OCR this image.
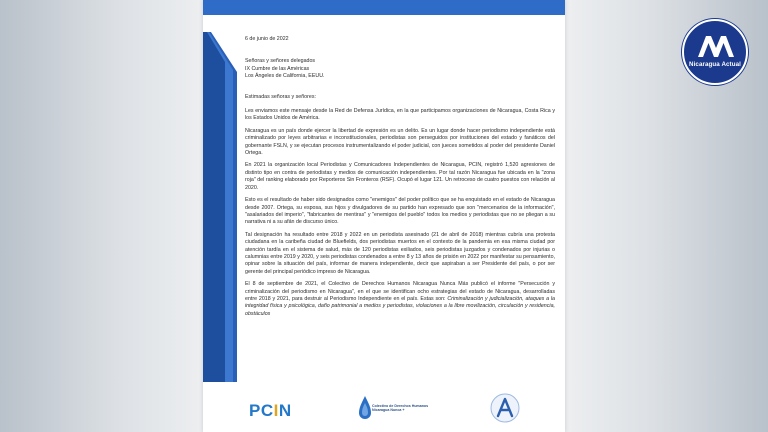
6 de junio de 2022

Señoras y señores delegados
IX Cumbre de las Américas
Los Ángeles de California, EEUU.

Estimadas señoras y señores:

Les enviamos este mensaje desde la Red de Defensa Jurídica, en la que participamos organizaciones de Nicaragua, Costa Rica y los Estados Unidos de América.

Nicaragua es un país donde ejercer la libertad de expresión es un delito. Es un lugar donde hacer periodismo independiente está criminalizado por leyes arbitrarias e inconstitucionales, periodistas son perseguidos por instituciones del estado y fanáticos del gobernante FSLN, y se ejecutan procesos instrumentalizando el poder judicial, con jueces sometidos al poder del presidente Daniel Ortega.

En 2021 la organización local Periodistas y Comunicadores Independientes de Nicaragua, PCIN, registró 1,520 agresiones de distinto tipo en contra de periodistas y medios de comunicación independientes. Por tal razón Nicaragua fue ubicada en la "zona roja" del ranking elaborado por Reporteros Sin Fronteros (RSF). Ocupó el lugar 121. Un retroceso de cuatro puestos con relación al 2020.

Esto es el resultado de haber sido designados como "enemigos" del poder político que se ha enquistado en el estado de Nicaragua desde 2007. Ortega, su esposa, sus hijos y divulgadores de su partido han expresado que son "mercenarios de la información", "asalariados del imperio", "fabricantes de mentiras" y "enemigos del pueblo" todos los medios y periodistas que no se pliegan a su narrativa ni a su afán de discurso único.

Tal designación ha resultado entre 2018 y 2022 en un periodista asesinado (21 de abril de 2018) mientras cubría una protesta ciudadana en la caribeña ciudad de Bluefields, dos periodistas muertos en el contexto de la pandemia en esa misma ciudad por atención tardía en el sistema de salud, más de 120 periodistas exiliados, seis periodistas juzgados y condenados por injurias o calumnias entre 2019 y 2020, y seis periodistas condenados a entre 8 y 13 años de prisión en 2022 por manifestar su pensamiento, opinar sobre la situación del país, informar de manera independiente, decir que aspiraban a ser Presidente del país, o por ser gerente del principal periódico impreso de Nicaragua.

El 8 de septiembre de 2021, el Colectivo de Derechos Humanos Nicaragua Nunca Más publicó el informe "Persecución y criminalización del periodismo en Nicaragua", en el que se identifican ocho estrategias del estado de Nicaragua, desarrolladas entre 2018 y 2021, para destruir al Periodismo Independiente en el país. Estas son: Criminalización y judicialización, ataques a la integridad física y psicológica, daño patrimonial a medios y periodistas, violaciones a la libre movilización, circulación y residencia, obstáculos

PCIN	Colectivo de Derechos Humanos Nicaragua Nunca +
Nicaragua Actual
